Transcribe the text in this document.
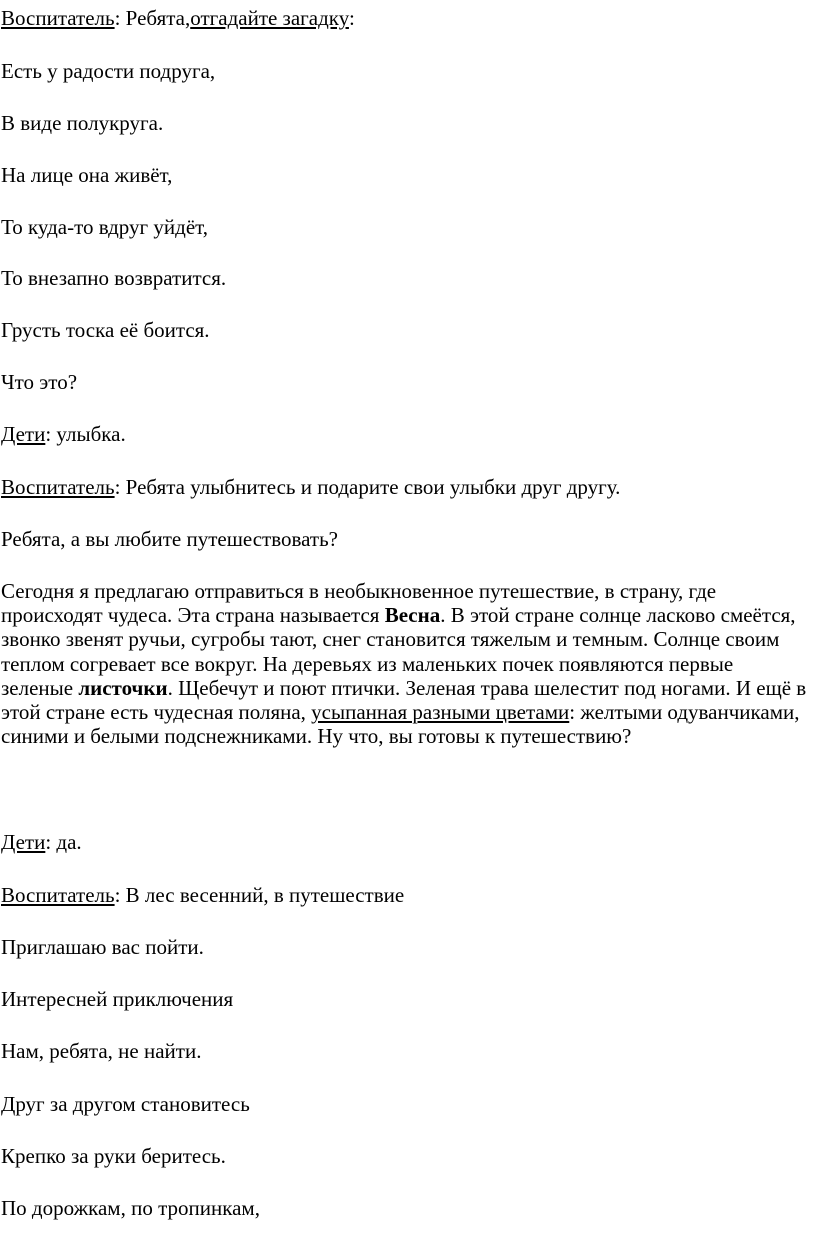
Воспитатель: Ребята,отгадайте загадку:

Есть у радости подруга,

В виде полукруга.

На лице она живёт,

То куда-то вдруг уйдёт,

То внезапно возвратится.

Грусть тоска её боится.

Что это?

Дети: улыбка.

Воспитатель: Ребята улыбнитесь и подарите свои улыбки друг другу.

Ребята, а вы любите путешествовать?

Сегодня я предлагаю отправиться в необыкновенное путешествие, в страну, где происходят чудеса. Эта страна называется Весна. В этой стране солнце ласково смеётся, звонко звенят ручьи, сугробы тают, снег становится тяжелым и темным. Солнце своим теплом согревает все вокруг. На деревьях из маленьких почек появляются первые зеленые листочки. Щебечут и поют птички. Зеленая трава шелестит под ногами. И ещё в этой стране есть чудесная поляна, усыпанная разными цветами: желтыми одуванчиками, синими и белыми подснежниками. Ну что, вы готовы к путешествию?

Дети: да.

Воспитатель: В лес весенний, в путешествие

Приглашаю вас пойти.

Интересней приключения

Нам, ребята, не найти.

Друг за другом становитесь

Крепко за руки беритесь.

По дорожкам, по тропинкам,
